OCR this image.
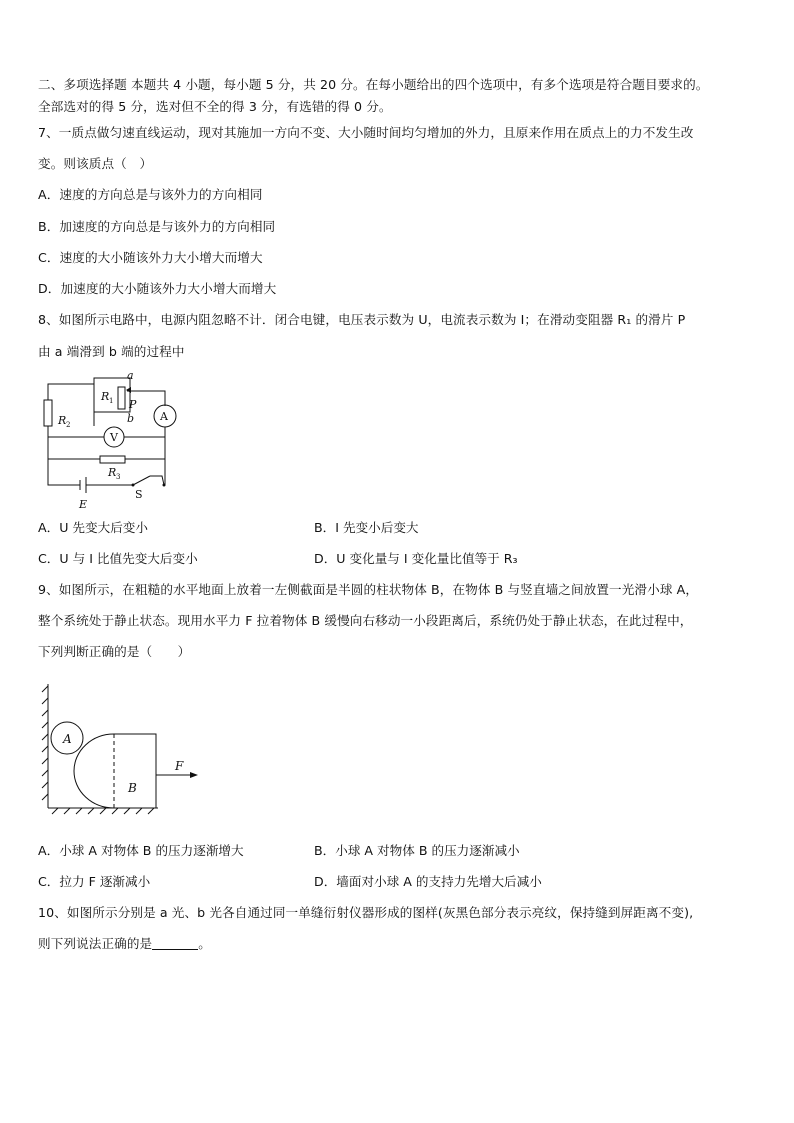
二、多项选择题 本题共 4 小题，每小题 5 分，共 20 分。在每小题给出的四个选项中，有多个选项是符合题目要求的。
全部选对的得 5 分，选对但不全的得 3 分，有选错的得 0 分。
7、一质点做匀速直线运动，现对其施加一方向不变、大小随时间均匀增加的外力，且原来作用在质点上的力不发生改
变。则该质点（　）
A．速度的方向总是与该外力的方向相同
B．加速度的方向总是与该外力的方向相同
C．速度的大小随该外力大小增大而增大
D．加速度的大小随该外力大小增大而增大
8、如图所示电路中，电源内阻忽略不计．闭合电键，电压表示数为 U，电流表示数为 I；在滑动变阻器 R₁ 的滑片 P
由 a 端滑到 b 端的过程中
a
R 1 P
b A
V
R 2
R 3
E
S
A．U 先变大后变小	B．I 先变小后变大
C．U 与 I 比值先变大后变小	D．U 变化量与 I 变化量比值等于 R₃
9、如图所示，在粗糙的水平地面上放着一左侧截面是半圆的柱状物体 B，在物体 B 与竖直墙之间放置一光滑小球 A，
整个系统处于静止状态。现用水平力 F 拉着物体 B 缓慢向右移动一小段距离后，系统仍处于静止状态，在此过程中，
下列判断正确的是（　　）
A
B
F
A．小球 A 对物体 B 的压力逐渐增大	B．小球 A 对物体 B 的压力逐渐减小
C．拉力 F 逐渐减小	D．墙面对小球 A 的支持力先增大后减小
10、如图所示分别是 a 光、b 光各自通过同一单缝衍射仪器形成的图样(灰黑色部分表示亮纹，保持缝到屏距离不变),
则下列说法正确的是	。
